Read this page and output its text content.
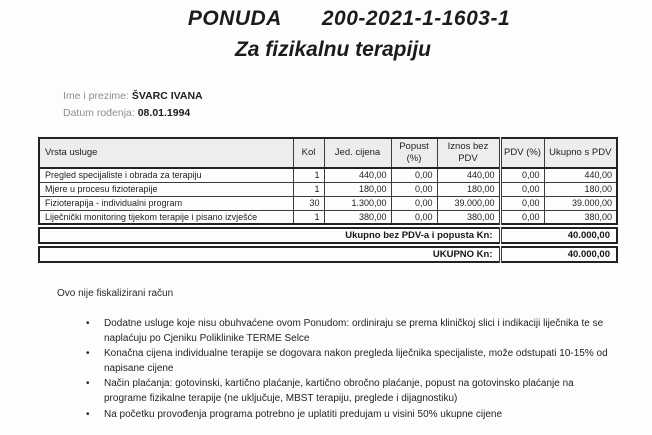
PONUDA 200-2021-1-1603-1
Za fizikalnu terapiju
Ime i prezime: ŠVARC IVANA
Datum rođenja: 08.01.1994
Vrsta usluge	Kol	Jed. cijena	Popust (%)	Iznos bez PDV	PDV (%)	Ukupno s PDV
Pregled specijaliste i obrada za terapiju	1	440,00	0,00	440,00	0,00	440,00
Mjere u procesu fizioterapije	1	180,00	0,00	180,00	0,00	180,00
Fizioterapija - individualni program	30	1.300,00	0,00	39.000,00	0,00	39.000,00
Liječnički monitoring tijekom terapije i pisano izvješće	1	380,00	0,00	380,00	0,00	380,00
Ukupno bez PDV-a i popusta Kn:	40.000,00
UKUPNO Kn:	40.000,00
Ovo nije fiskalizirani račun
•	Dodatne usluge koje nisu obuhvaćene ovom Ponudom: ordiniraju se prema kliničkoj slici i indikaciji liječnika te se naplaćuju po Cjeniku Poliklinike TERME Selce
•	Konačna cijena individualne terapije se dogovara nakon pregleda liječnika specijaliste, može odstupati 10-15% od napisane cijene
•	Način plaćanja: gotovinski, kartično plaćanje, kartično obročno plaćanje, popust na gotovinsko plaćanje na programe fizikalne terapije (ne uključuje, MBST terapiju, preglede i dijagnostiku)
•	Na početku provođenja programa potrebno je uplatiti predujam u visini 50% ukupne cijene
